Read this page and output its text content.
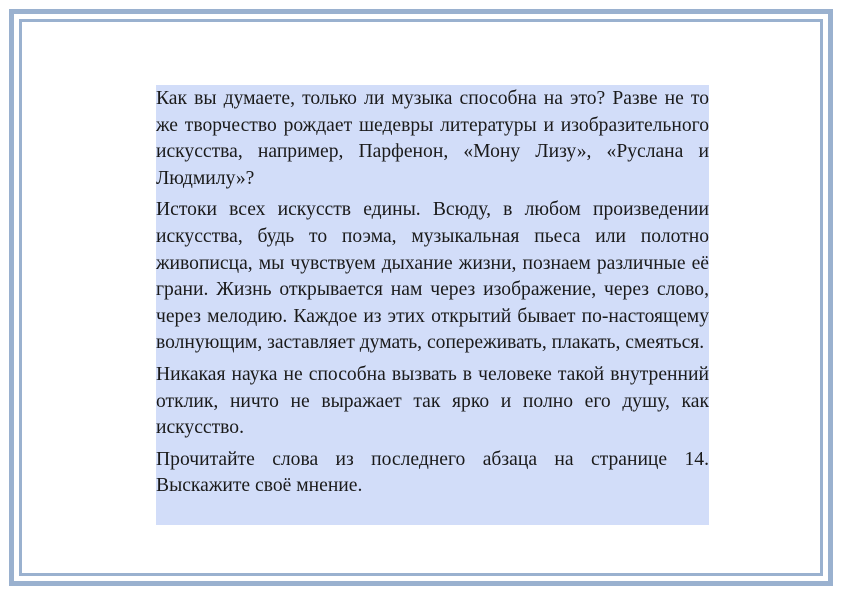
Как вы думаете, только ли музыка способна на это? Разве не то же творчество рождает шедевры литературы и изобразительного искусства, например, Парфенон, «Мону Лизу», «Руслана и Людмилу»?

Истоки всех искусств едины. Всюду, в любом произведении искусства, будь то поэма, музыкальная пьеса или полотно живописца, мы чувствуем дыхание жизни, познаем различные её грани. Жизнь открывается нам через изображение, через слово, через мелодию. Каждое из этих открытий бывает по-настоящему волнующим, заставляет думать, сопереживать, плакать, смеяться.

Никакая наука не способна вызвать в человеке такой внутренний отклик, ничто не выражает так ярко и полно его душу, как искусство.

Прочитайте слова из последнего абзаца на странице 14. Выскажите своё мнение.
